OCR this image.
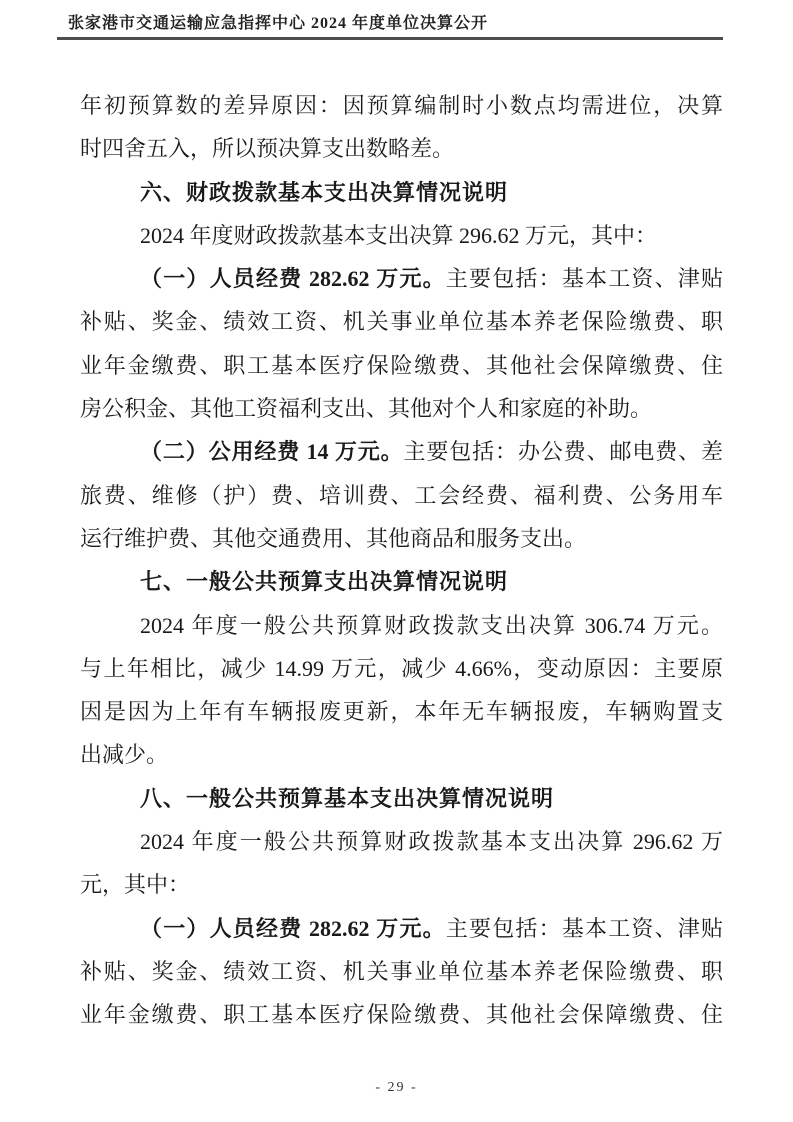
张家港市交通运输应急指挥中心 2024 年度单位决算公开
年初预算数的差异原因：因预算编制时小数点均需进位，决算
时四舍五入，所以预决算支出数略差。
六、财政拨款基本支出决算情况说明
2024 年度财政拨款基本支出决算 296.62 万元，其中：
（一）人员经费 282.62 万元。主要包括：基本工资、津贴
补贴、奖金、绩效工资、机关事业单位基本养老保险缴费、职
业年金缴费、职工基本医疗保险缴费、其他社会保障缴费、住
房公积金、其他工资福利支出、其他对个人和家庭的补助。
（二）公用经费 14 万元。主要包括：办公费、邮电费、差
旅费、维修（护）费、培训费、工会经费、福利费、公务用车
运行维护费、其他交通费用、其他商品和服务支出。
七、一般公共预算支出决算情况说明
2024 年度一般公共预算财政拨款支出决算 306.74 万元。
与上年相比，减少 14.99 万元，减少 4.66%，变动原因：主要原
因是因为上年有车辆报废更新，本年无车辆报废，车辆购置支
出减少。
八、一般公共预算基本支出决算情况说明
2024 年度一般公共预算财政拨款基本支出决算 296.62 万
元，其中：
（一）人员经费 282.62 万元。主要包括：基本工资、津贴
补贴、奖金、绩效工资、机关事业单位基本养老保险缴费、职
业年金缴费、职工基本医疗保险缴费、其他社会保障缴费、住
- 29 -
